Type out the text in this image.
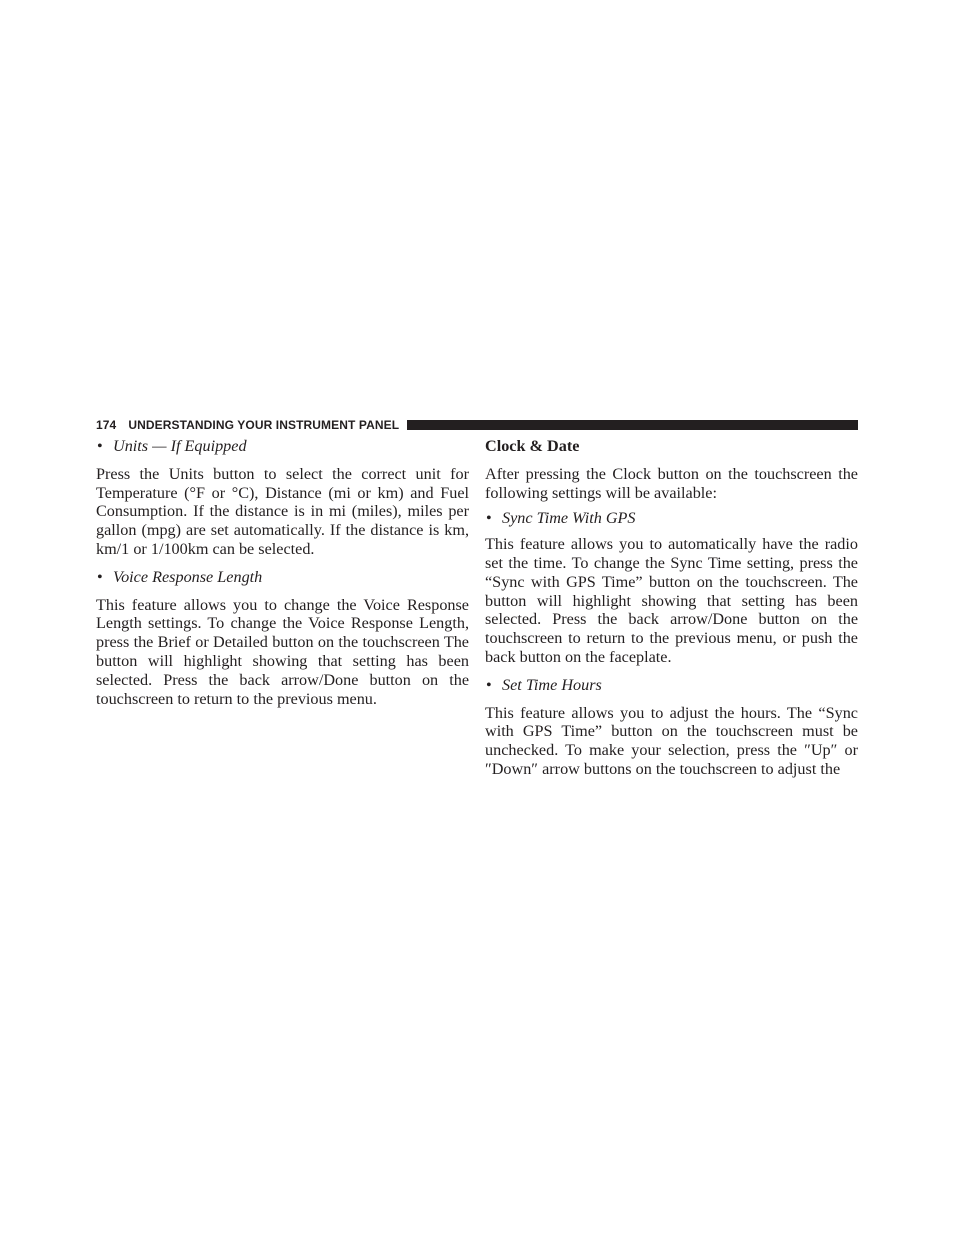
174 UNDERSTANDING YOUR INSTRUMENT PANEL
• Units — If Equipped

Press the Units button to select the correct unit for Temperature (°F or °C), Distance (mi or km) and Fuel Consumption. If the distance is in mi (miles), miles per gallon (mpg) are set automatically. If the distance is km, km/1 or 1/100km can be selected.

• Voice Response Length

This feature allows you to change the Voice Response Length settings. To change the Voice Response Length, press the Brief or Detailed button on the touchscreen The button will highlight showing that setting has been selected. Press the back arrow/Done button on the touchscreen to return to the previous menu.

Clock & Date

After pressing the Clock button on the touchscreen the following settings will be available:

• Sync Time With GPS

This feature allows you to automatically have the radio set the time. To change the Sync Time setting, press the “Sync with GPS Time” button on the touchscreen. The button will highlight showing that setting has been selected. Press the back arrow/Done button on the touchscreen to return to the previous menu, or push the back button on the faceplate.

• Set Time Hours

This feature allows you to adjust the hours. The “Sync with GPS Time” button on the touchscreen must be unchecked. To make your selection, press the ″Up″ or ″Down″ arrow buttons on the touchscreen to adjust the
